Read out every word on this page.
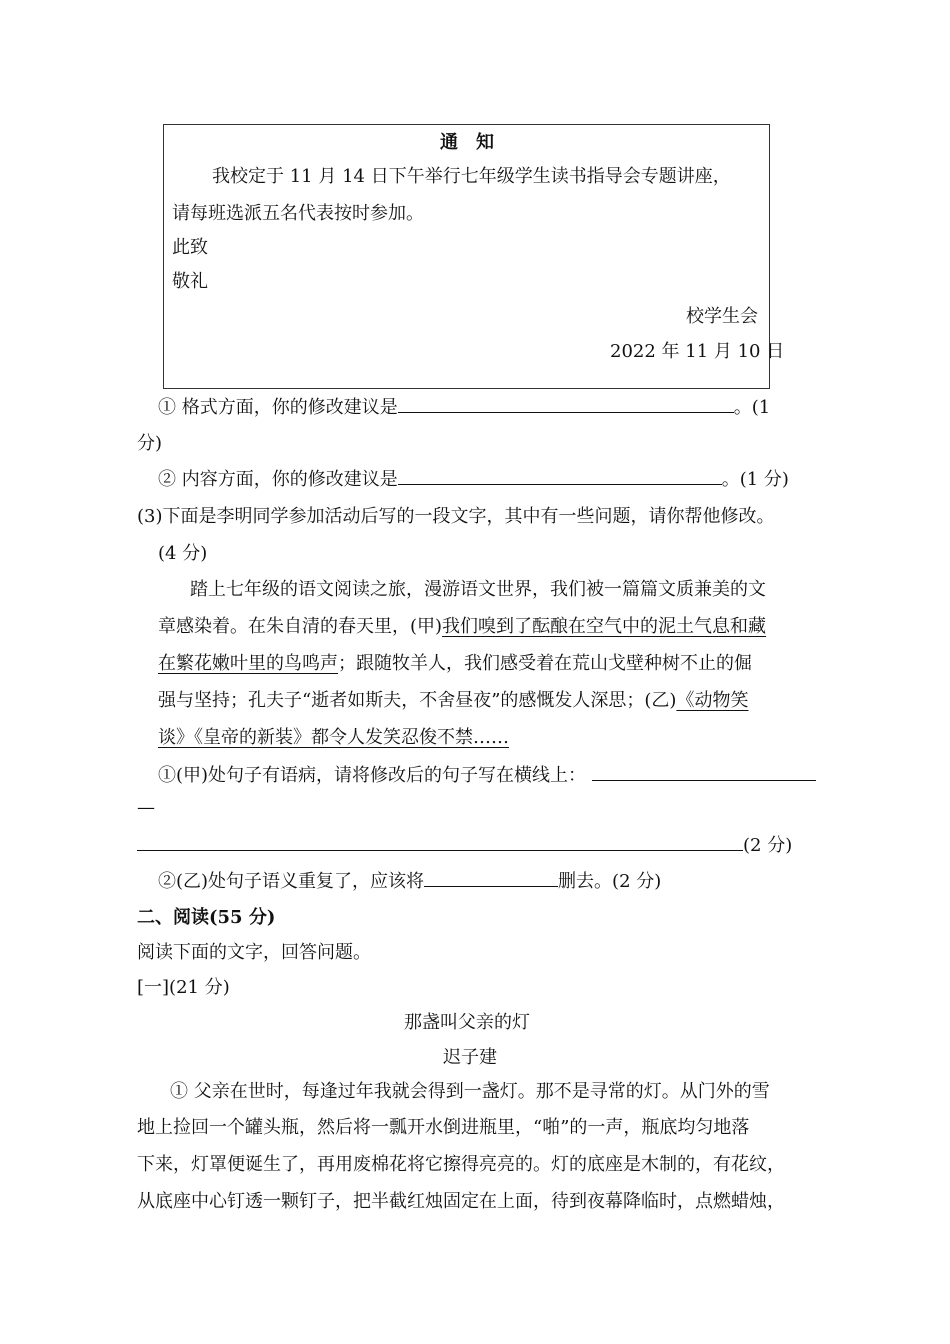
通　知
我校定于 11 月 14 日下午举行七年级学生读书指导会专题讲座，
请每班选派五名代表按时参加。
此致
敬礼
校学生会
2022 年 11 月 10 日
① 格式方面，你的修改建议是	。(1
分)
② 内容方面，你的修改建议是	。(1 分)
(3)下面是李明同学参加活动后写的一段文字，其中有一些问题，请你帮他修改。
(4 分)
踏上七年级的语文阅读之旅，漫游语文世界，我们被一篇篇文质兼美的文
章感染着。在朱自清的春天里，(甲)我们嗅到了酝酿在空气中的泥土气息和藏
在繁花嫩叶里的鸟鸣声；跟随牧羊人，我们感受着在荒山戈壁种树不止的倔
强与坚持；孔夫子“逝者如斯夫，不舍昼夜”的感慨发人深思；(乙)《动物笑
谈》《皇帝的新装》都令人发笑忍俊不禁……
①(甲)处句子有语病，请将修改后的句子写在横线上：
—
(2 分)
②(乙)处句子语义重复了，应该将	删去。(2 分)
二、阅读(55 分)
阅读下面的文字，回答问题。
[一](21 分)
那盏叫父亲的灯
迟子建
① 父亲在世时，每逢过年我就会得到一盏灯。那不是寻常的灯。从门外的雪
地上捡回一个罐头瓶，然后将一瓢开水倒进瓶里，“啪”的一声，瓶底均匀地落
下来，灯罩便诞生了，再用废棉花将它擦得亮亮的。灯的底座是木制的，有花纹，
从底座中心钉透一颗钉子，把半截红烛固定在上面，待到夜幕降临时，点燃蜡烛，
